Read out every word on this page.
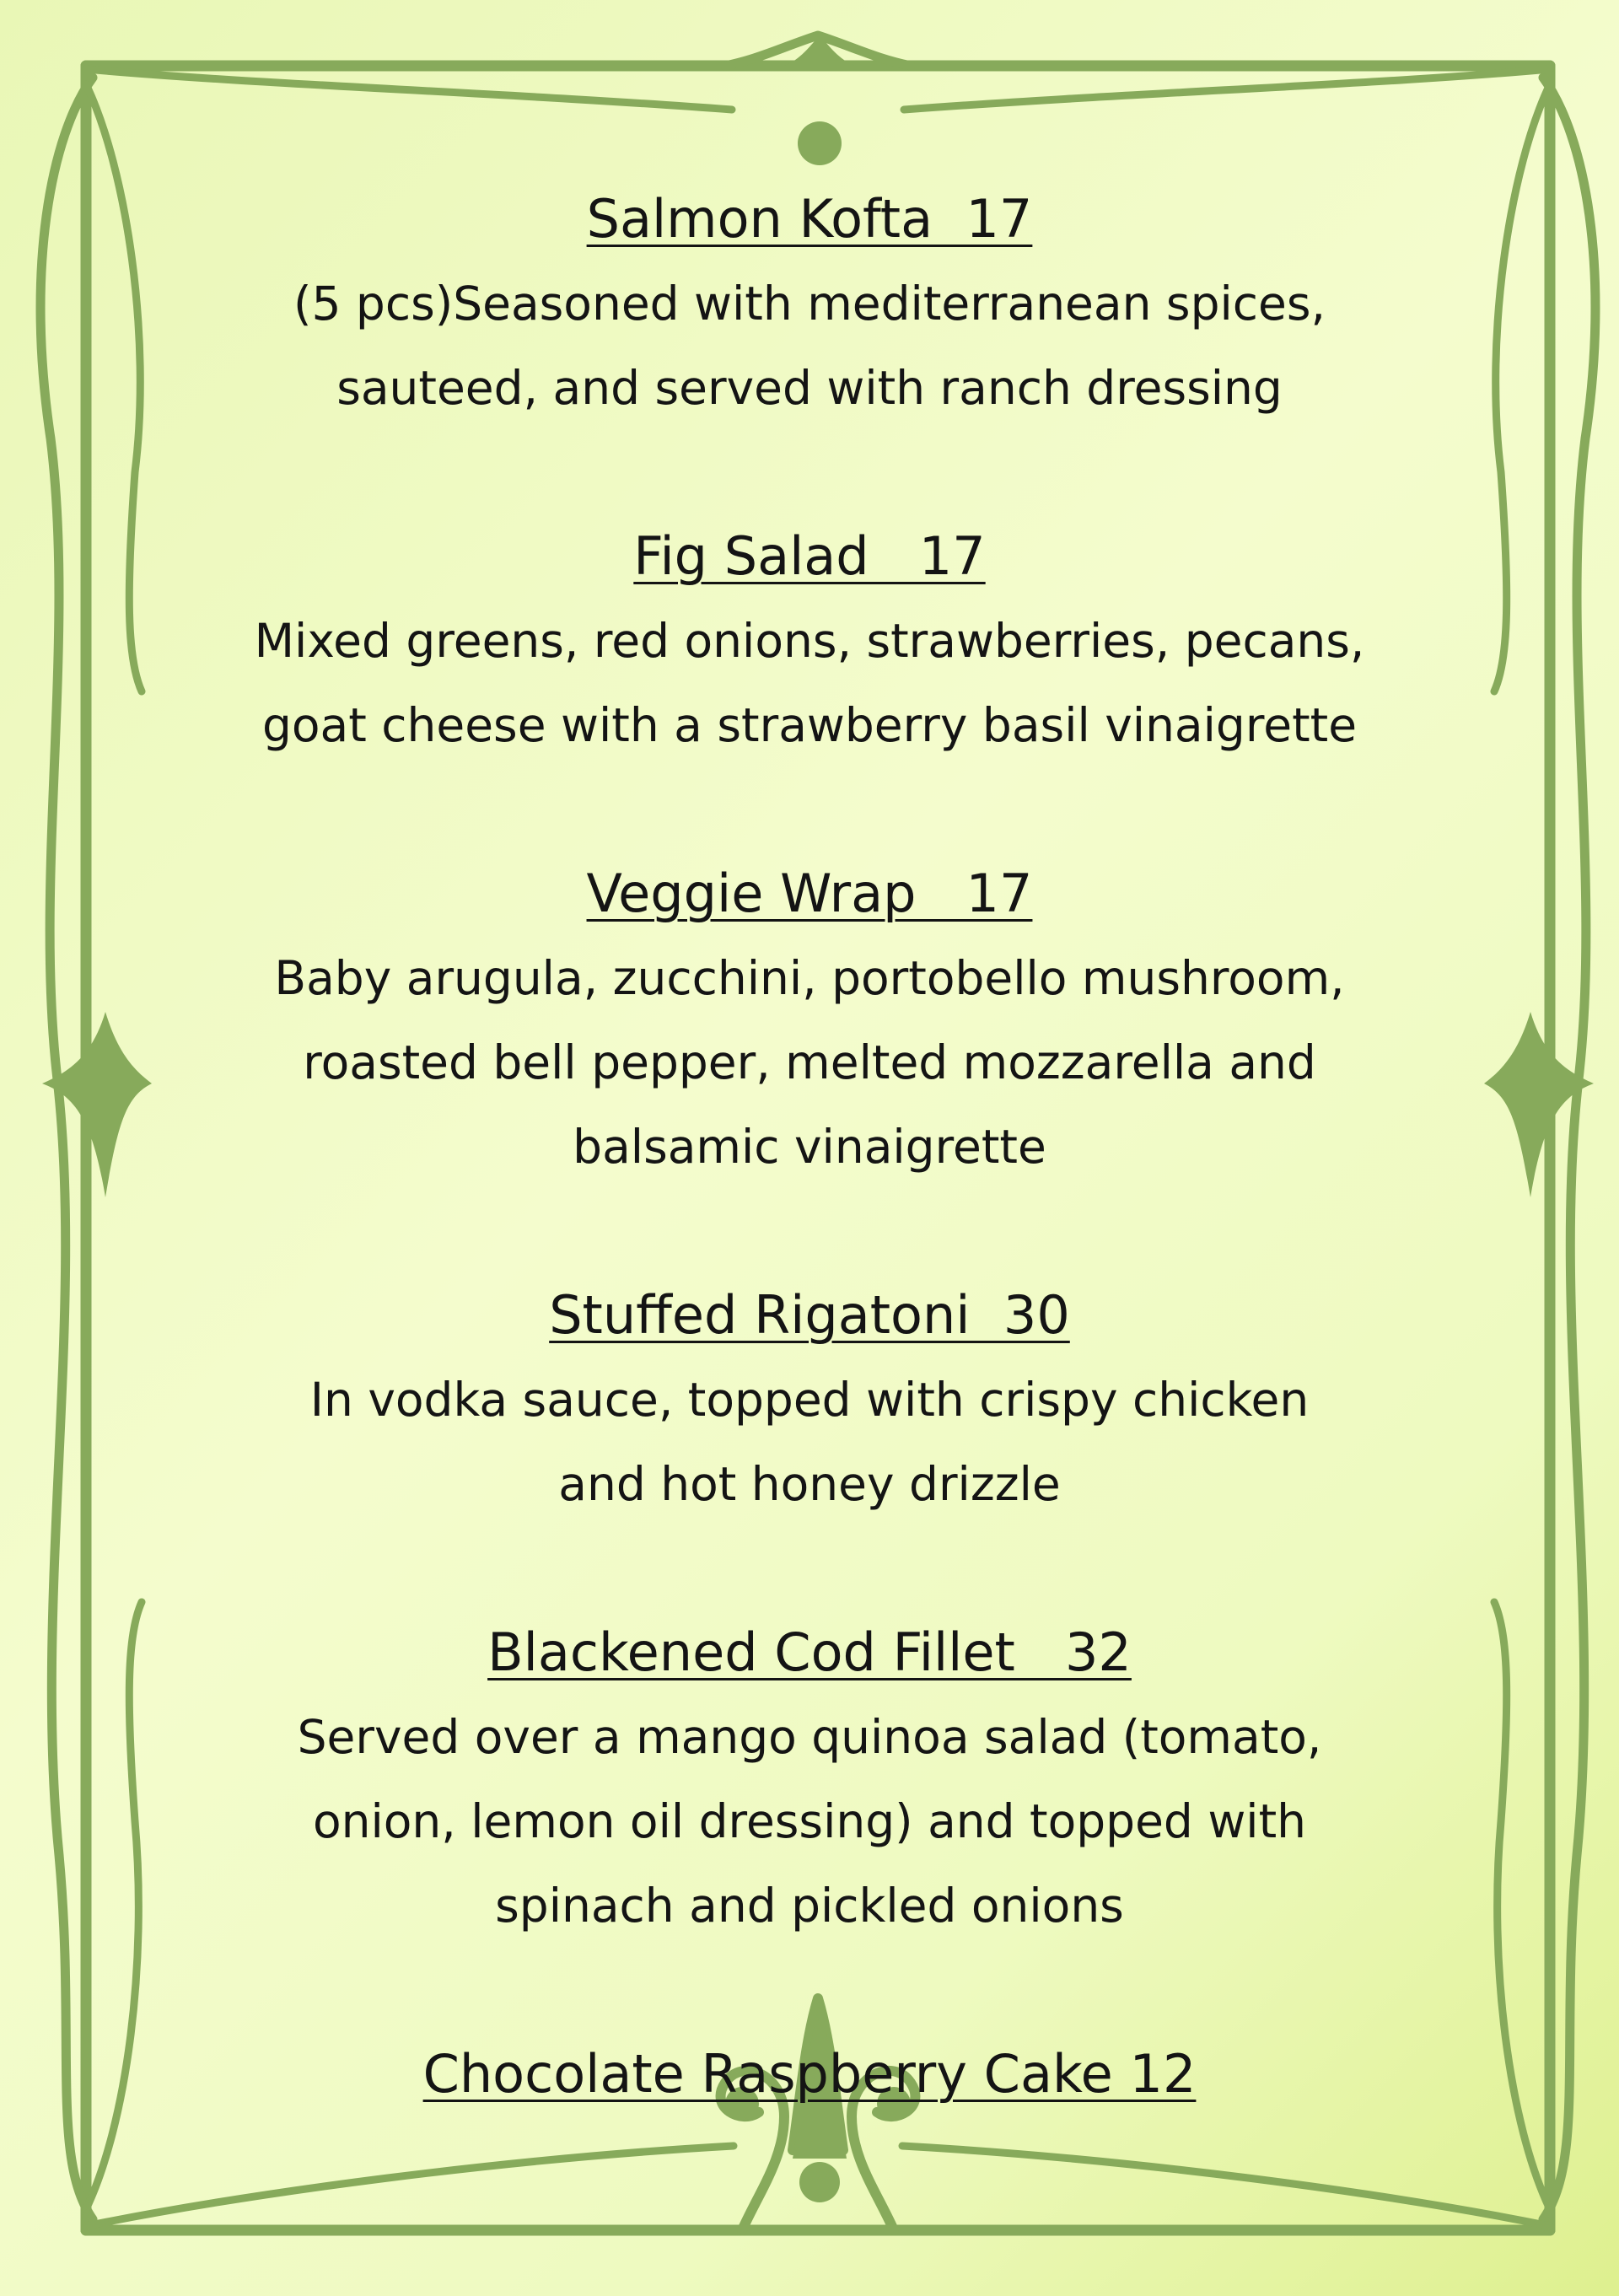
Salmon Kofta  17

(5 pcs)Seasoned with mediterranean spices,
sauteed, and served with ranch dressing

Fig Salad   17

Mixed greens, red onions, strawberries, pecans,
goat cheese with a strawberry basil vinaigrette

Veggie Wrap   17

Baby arugula, zucchini, portobello mushroom,
roasted bell pepper, melted mozzarella and
balsamic vinaigrette

Stuffed Rigatoni  30

In vodka sauce, topped with crispy chicken
and hot honey drizzle

Blackened Cod Fillet   32

Served over a mango quinoa salad (tomato,
onion, lemon oil dressing) and topped with
spinach and pickled onions

Chocolate Raspberry Cake 12
